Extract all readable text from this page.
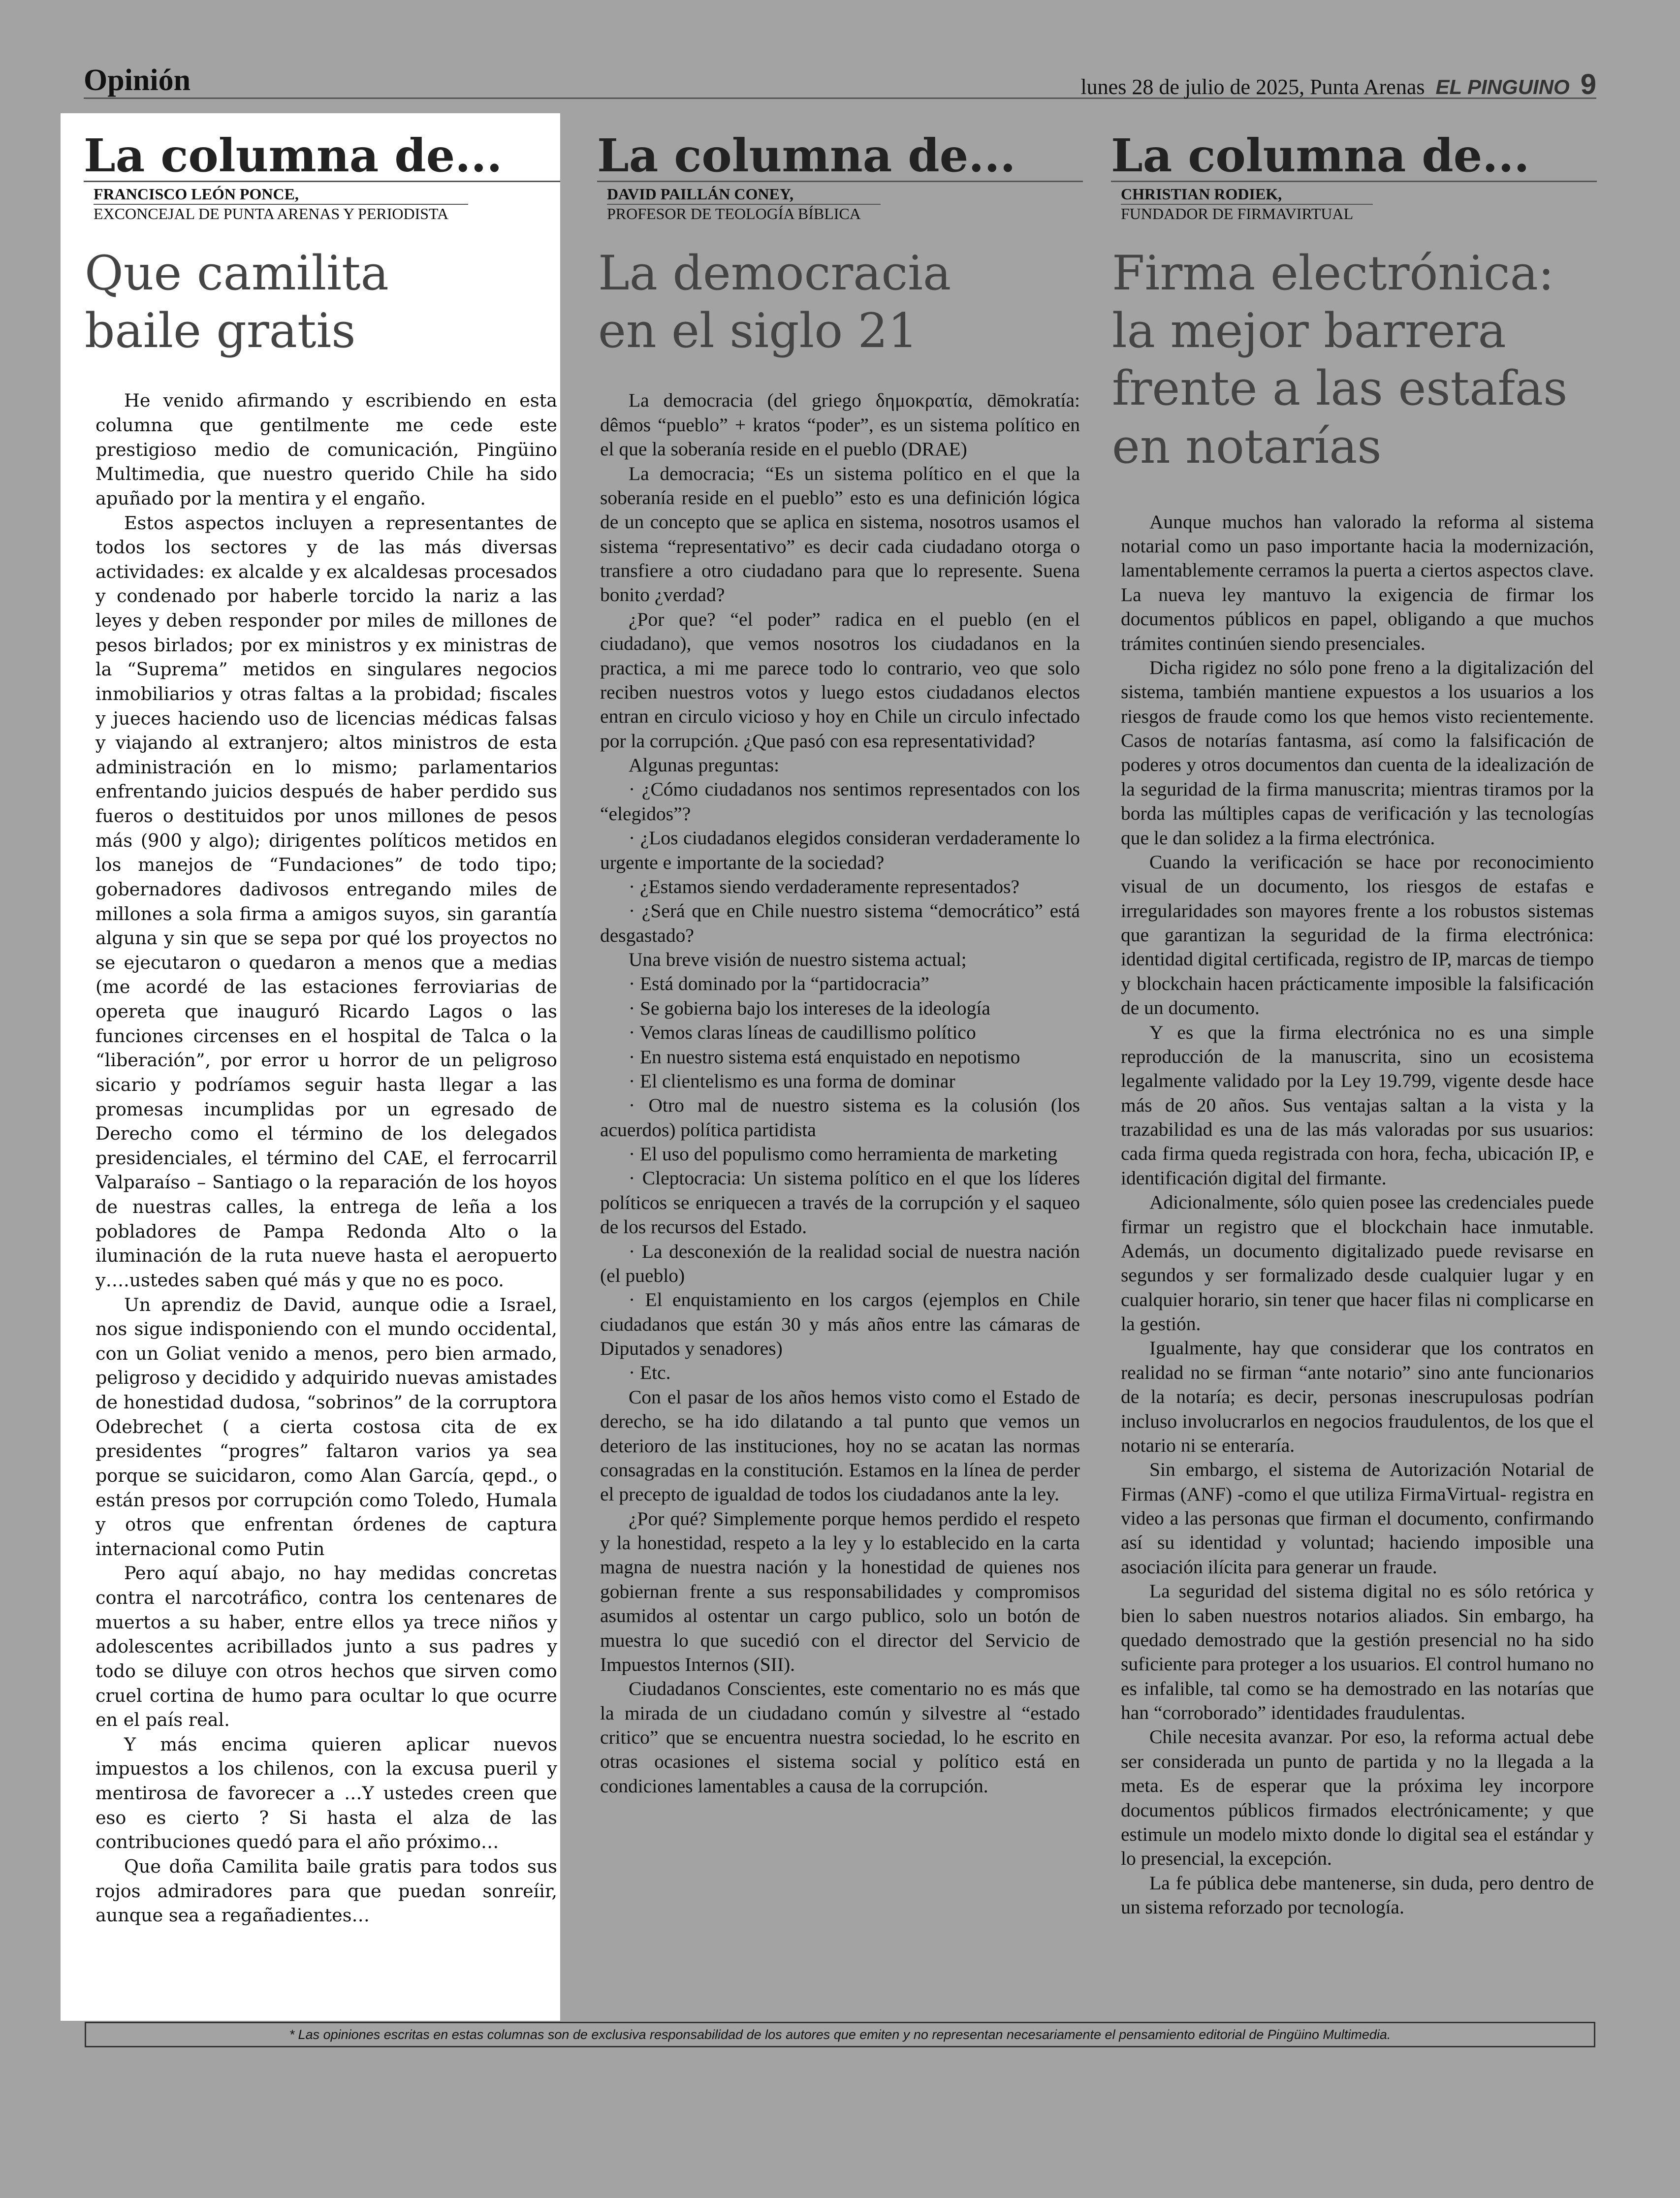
Opinión	lunes 28 de julio de 2025, Punta Arenas EL PINGUINO 9
La columna de...
FRANCISCO LEÓN PONCE,
EXCONCEJAL DE PUNTA ARENAS Y PERIODISTA
Que camilita
baile gratis

He venido afirmando y escribiendo en esta columna que gentilmente me cede este prestigioso medio de comunicación, Pingüino Multimedia, que nuestro querido Chile ha sido apuñado por la mentira y el engaño.

Estos aspectos incluyen a representantes de todos los sectores y de las más diversas actividades: ex alcalde y ex alcaldesas procesados y condenado por haberle torcido la nariz a las leyes y deben responder por miles de millones de pesos birlados; por ex ministros y ex ministras de la “Suprema” metidos en singulares negocios inmobiliarios y otras faltas a la probidad; fiscales y jueces haciendo uso de licencias médicas falsas y viajando al extranjero; altos ministros de esta administración en lo mismo; parlamentarios enfrentando juicios después de haber perdido sus fueros o destituidos por unos millones de pesos más (900 y algo); dirigentes políticos metidos en los manejos de “Fundaciones” de todo tipo; gobernadores dadivosos entregando miles de millones a sola firma a amigos suyos, sin garantía alguna y sin que se sepa por qué los proyectos no se ejecutaron o quedaron a menos que a medias (me acordé de las estaciones ferroviarias de opereta que inauguró Ricardo Lagos o las funciones circenses en el hospital de Talca o la “liberación”, por error u horror de un peligroso sicario y podríamos seguir hasta llegar a las promesas incumplidas por un egresado de Derecho como el término de los delegados presidenciales, el término del CAE, el ferrocarril Valparaíso – Santiago o la reparación de los hoyos de nuestras calles, la entrega de leña a los pobladores de Pampa Redonda Alto o la iluminación de la ruta nueve hasta el aeropuerto y….ustedes saben qué más y que no es poco.

Un aprendiz de David, aunque odie a Israel, nos sigue indisponiendo con el mundo occidental, con un Goliat venido a menos, pero bien armado, peligroso y decidido y adquirido nuevas amistades de honestidad dudosa, “sobrinos” de la corruptora Odebrechet ( a cierta costosa cita de ex presidentes “progres” faltaron varios ya sea porque se suicidaron, como Alan García, qepd., o están presos por corrupción como Toledo, Humala y otros que enfrentan órdenes de captura internacional como Putin

Pero aquí abajo, no hay medidas concretas contra el narcotráfico, contra los centenares de muertos a su haber, entre ellos ya trece niños y adolescentes acribillados junto a sus padres y todo se diluye con otros hechos que sirven como cruel cortina de humo para ocultar lo que ocurre en el país real.

Y más encima quieren aplicar nuevos impuestos a los chilenos, con la excusa pueril y mentirosa de favorecer a …Y ustedes creen que eso es cierto ? Si hasta el alza de las contribuciones quedó para el año próximo…

Que doña Camilita baile gratis para todos sus rojos admiradores para que puedan sonreíir, aunque sea a regañadientes…

La columna de...
DAVID PAILLÁN CONEY,
PROFESOR DE TEOLOGÍA BÍBLICA
La democracia
en el siglo 21

La democracia (del griego δημοκρατία, dēmokratía: dêmos “pueblo” + kratos “poder”, es un sistema político en el que la soberanía reside en el pueblo (DRAE)

La democracia; “Es un sistema político en el que la soberanía reside en el pueblo” esto es una definición lógica de un concepto que se aplica en sistema, nosotros usamos el sistema “representativo” es decir cada ciudadano otorga o transfiere a otro ciudadano para que lo represente. Suena bonito ¿verdad?

¿Por que? “el poder” radica en el pueblo (en el ciudadano), que vemos nosotros los ciudadanos en la practica, a mi me parece todo lo contrario, veo que solo reciben nuestros votos y luego estos ciudadanos electos entran en circulo vicioso y hoy en Chile un circulo infectado por la corrupción. ¿Que pasó con esa representatividad?

Algunas preguntas:

· ¿Cómo ciudadanos nos sentimos representados con los “elegidos”?

· ¿Los ciudadanos elegidos consideran verdaderamente lo urgente e importante de la sociedad?

· ¿Estamos siendo verdaderamente representados?

· ¿Será que en Chile nuestro sistema “democrático” está desgastado?

Una breve visión de nuestro sistema actual;

· Está dominado por la “partidocracia”

· Se gobierna bajo los intereses de la ideología

· Vemos claras líneas de caudillismo político

· En nuestro sistema está enquistado en nepotismo

· El clientelismo es una forma de dominar

· Otro mal de nuestro sistema es la colusión (los acuerdos) política partidista

· El uso del populismo como herramienta de marketing

· Cleptocracia: Un sistema político en el que los líderes políticos se enriquecen a través de la corrupción y el saqueo de los recursos del Estado.

· La desconexión de la realidad social de nuestra nación (el pueblo)

· El enquistamiento en los cargos (ejemplos en Chile ciudadanos que están 30 y más años entre las cámaras de Diputados y senadores)

· Etc.

Con el pasar de los años hemos visto como el Estado de derecho, se ha ido dilatando a tal punto que vemos un deterioro de las instituciones, hoy no se acatan las normas consagradas en la constitución. Estamos en la línea de perder el precepto de igualdad de todos los ciudadanos ante la ley.

¿Por qué? Simplemente porque hemos perdido el respeto y la honestidad, respeto a la ley y lo establecido en la carta magna de nuestra nación y la honestidad de quienes nos gobiernan frente a sus responsabilidades y compromisos asumidos al ostentar un cargo publico, solo un botón de muestra lo que sucedió con el director del Servicio de Impuestos Internos (SII).

Ciudadanos Conscientes, este comentario no es más que la mirada de un ciudadano común y silvestre al “estado critico” que se encuentra nuestra sociedad, lo he escrito en otras ocasiones el sistema social y político está en condiciones lamentables a causa de la corrupción.

La columna de...
CHRISTIAN RODIEK,
FUNDADOR DE FIRMAVIRTUAL
Firma electrónica:
la mejor barrera
frente a las estafas
en notarías

Aunque muchos han valorado la reforma al sistema notarial como un paso importante hacia la modernización, lamentablemente cerramos la puerta a ciertos aspectos clave. La nueva ley mantuvo la exigencia de firmar los documentos públicos en papel, obligando a que muchos trámites continúen siendo presenciales.

Dicha rigidez no sólo pone freno a la digitalización del sistema, también mantiene expuestos a los usuarios a los riesgos de fraude como los que hemos visto recientemente. Casos de notarías fantasma, así como la falsificación de poderes y otros documentos dan cuenta de la idealización de la seguridad de la firma manuscrita; mientras tiramos por la borda las múltiples capas de verificación y las tecnologías que le dan solidez a la firma electrónica.

Cuando la verificación se hace por reconocimiento visual de un documento, los riesgos de estafas e irregularidades son mayores frente a los robustos sistemas que garantizan la seguridad de la firma electrónica: identidad digital certificada, registro de IP, marcas de tiempo y blockchain hacen prácticamente imposible la falsificación de un documento.

Y es que la firma electrónica no es una simple reproducción de la manuscrita, sino un ecosistema legalmente validado por la Ley 19.799, vigente desde hace más de 20 años. Sus ventajas saltan a la vista y la trazabilidad es una de las más valoradas por sus usuarios: cada firma queda registrada con hora, fecha, ubicación IP, e identificación digital del firmante.

Adicionalmente, sólo quien posee las credenciales puede firmar un registro que el blockchain hace inmutable. Además, un documento digitalizado puede revisarse en segundos y ser formalizado desde cualquier lugar y en cualquier horario, sin tener que hacer filas ni complicarse en la gestión.

Igualmente, hay que considerar que los contratos en realidad no se firman “ante notario” sino ante funcionarios de la notaría; es decir, personas inescrupulosas podrían incluso involucrarlos en negocios fraudulentos, de los que el notario ni se enteraría.

Sin embargo, el sistema de Autorización Notarial de Firmas (ANF) -como el que utiliza FirmaVirtual- registra en video a las personas que firman el documento, confirmando así su identidad y voluntad; haciendo imposible una asociación ilícita para generar un fraude.

La seguridad del sistema digital no es sólo retórica y bien lo saben nuestros notarios aliados. Sin embargo, ha quedado demostrado que la gestión presencial no ha sido suficiente para proteger a los usuarios. El control humano no es infalible, tal como se ha demostrado en las notarías que han “corroborado” identidades fraudulentas.

Chile necesita avanzar. Por eso, la reforma actual debe ser considerada un punto de partida y no la llegada a la meta. Es de esperar que la próxima ley incorpore documentos públicos firmados electrónicamente; y que estimule un modelo mixto donde lo digital sea el estándar y lo presencial, la excepción.

La fe pública debe mantenerse, sin duda, pero dentro de un sistema reforzado por tecnología.

* Las opiniones escritas en estas columnas son de exclusiva responsabilidad de los autores que emiten y no representan necesariamente el pensamiento editorial de Pingüino Multimedia.
